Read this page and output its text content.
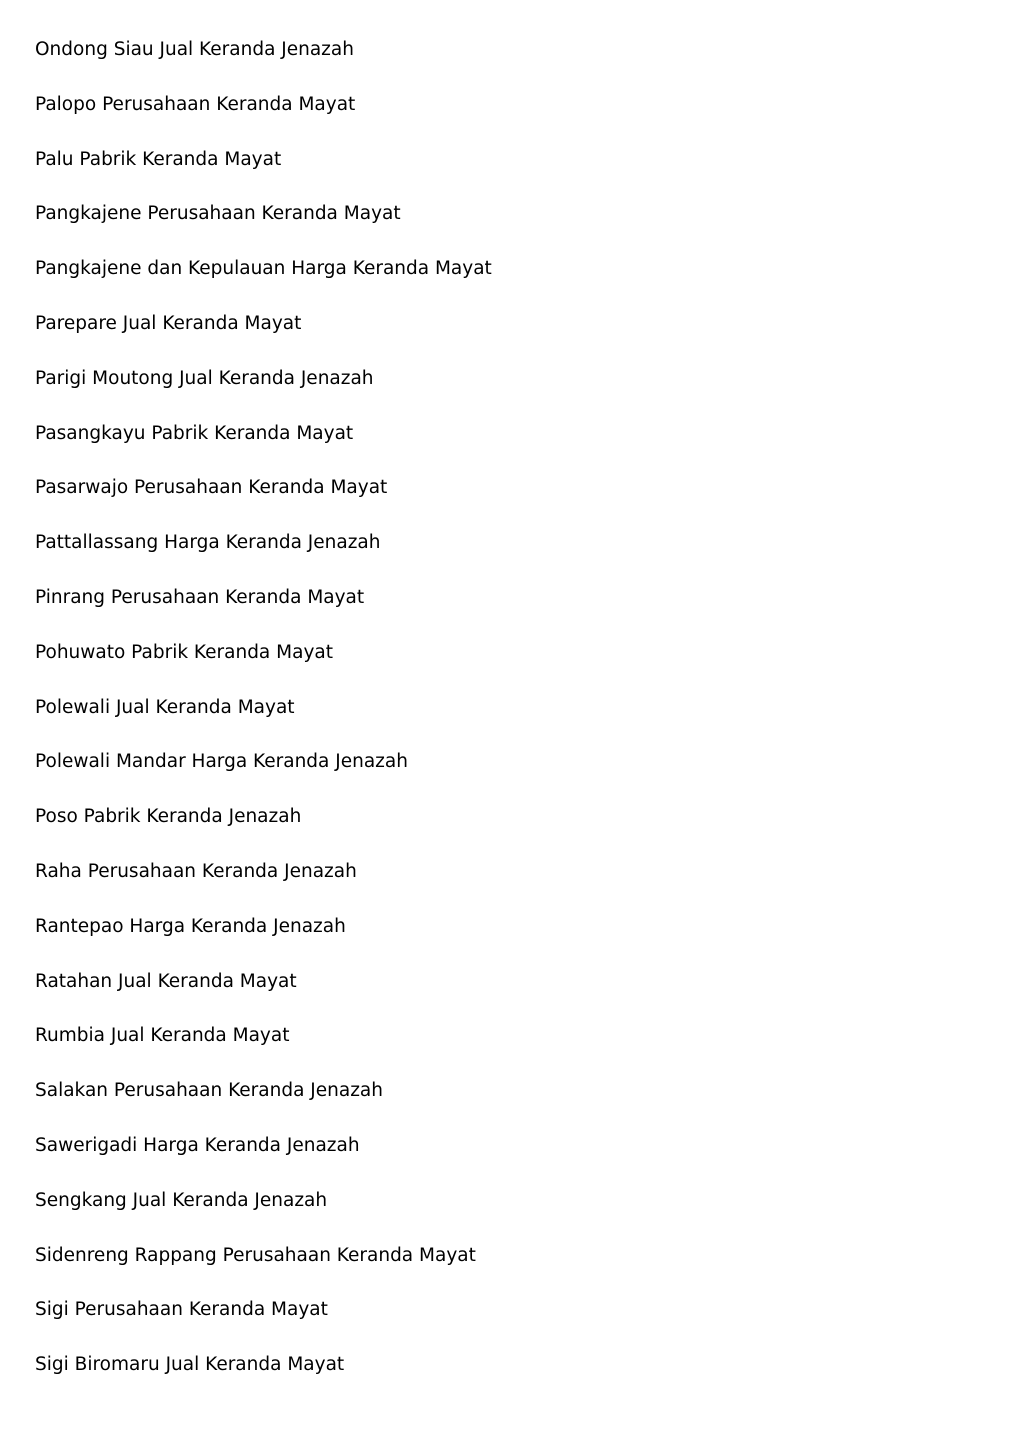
Ondong Siau Jual Keranda Jenazah
Palopo Perusahaan Keranda Mayat
Palu Pabrik Keranda Mayat
Pangkajene Perusahaan Keranda Mayat
Pangkajene dan Kepulauan Harga Keranda Mayat
Parepare Jual Keranda Mayat
Parigi Moutong Jual Keranda Jenazah
Pasangkayu Pabrik Keranda Mayat
Pasarwajo Perusahaan Keranda Mayat
Pattallassang Harga Keranda Jenazah
Pinrang Perusahaan Keranda Mayat
Pohuwato Pabrik Keranda Mayat
Polewali Jual Keranda Mayat
Polewali Mandar Harga Keranda Jenazah
Poso Pabrik Keranda Jenazah
Raha Perusahaan Keranda Jenazah
Rantepao Harga Keranda Jenazah
Ratahan Jual Keranda Mayat
Rumbia Jual Keranda Mayat
Salakan Perusahaan Keranda Jenazah
Sawerigadi Harga Keranda Jenazah
Sengkang Jual Keranda Jenazah
Sidenreng Rappang Perusahaan Keranda Mayat
Sigi Perusahaan Keranda Mayat
Sigi Biromaru Jual Keranda Mayat
